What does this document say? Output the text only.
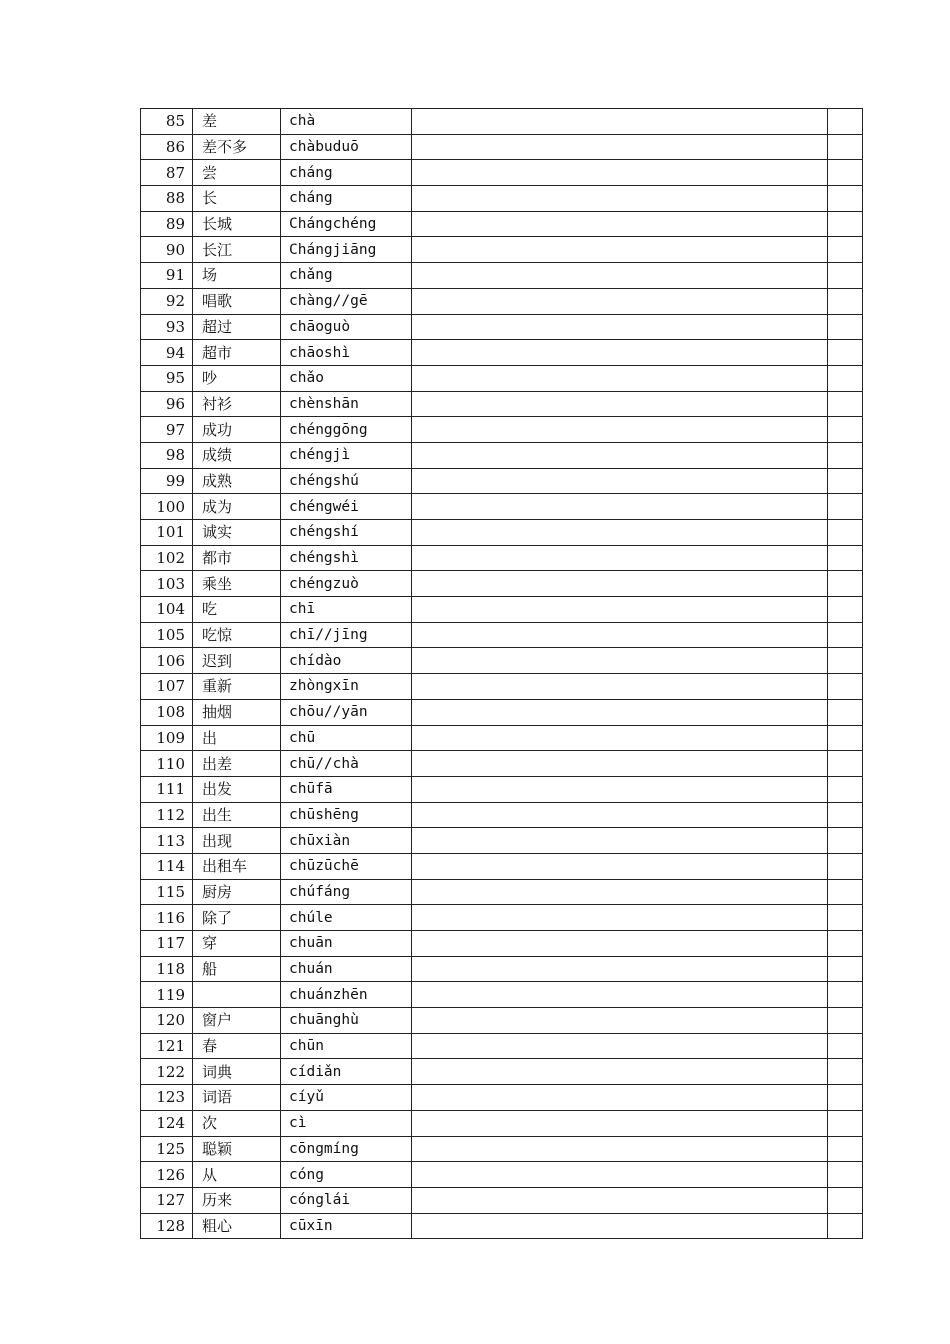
85	差	chà		
86	差不多	chàbuduō		
87	尝	cháng		
88	长	cháng		
89	长城	Chángchéng		
90	长江	Chángjiāng		
91	场	chǎng		
92	唱歌	chàng//gē		
93	超过	chāoguò		
94	超市	chāoshì		
95	吵	chǎo		
96	衬衫	chènshān		
97	成功	chénggōng		
98	成绩	chéngjì		
99	成熟	chéngshú		
100	成为	chéngwéi		
101	诚实	chéngshí		
102	都市	chéngshì		
103	乘坐	chéngzuò		
104	吃	chī		
105	吃惊	chī//jīng		
106	迟到	chídào		
107	重新	zhòngxīn		
108	抽烟	chōu//yān		
109	出	chū		
110	出差	chū//chà		
111	出发	chūfā		
112	出生	chūshēng		
113	出现	chūxiàn		
114	出租车	chūzūchē		
115	厨房	chúfáng		
116	除了	chúle		
117	穿	chuān		
118	船	chuán		
119		chuánzhēn		
120	窗户	chuānghù		
121	春	chūn		
122	词典	cídiǎn		
123	词语	cíyǔ		
124	次	cì		
125	聪颖	cōngmíng		
126	从	cóng		
127	历来	cónglái		
128	粗心	cūxīn		
